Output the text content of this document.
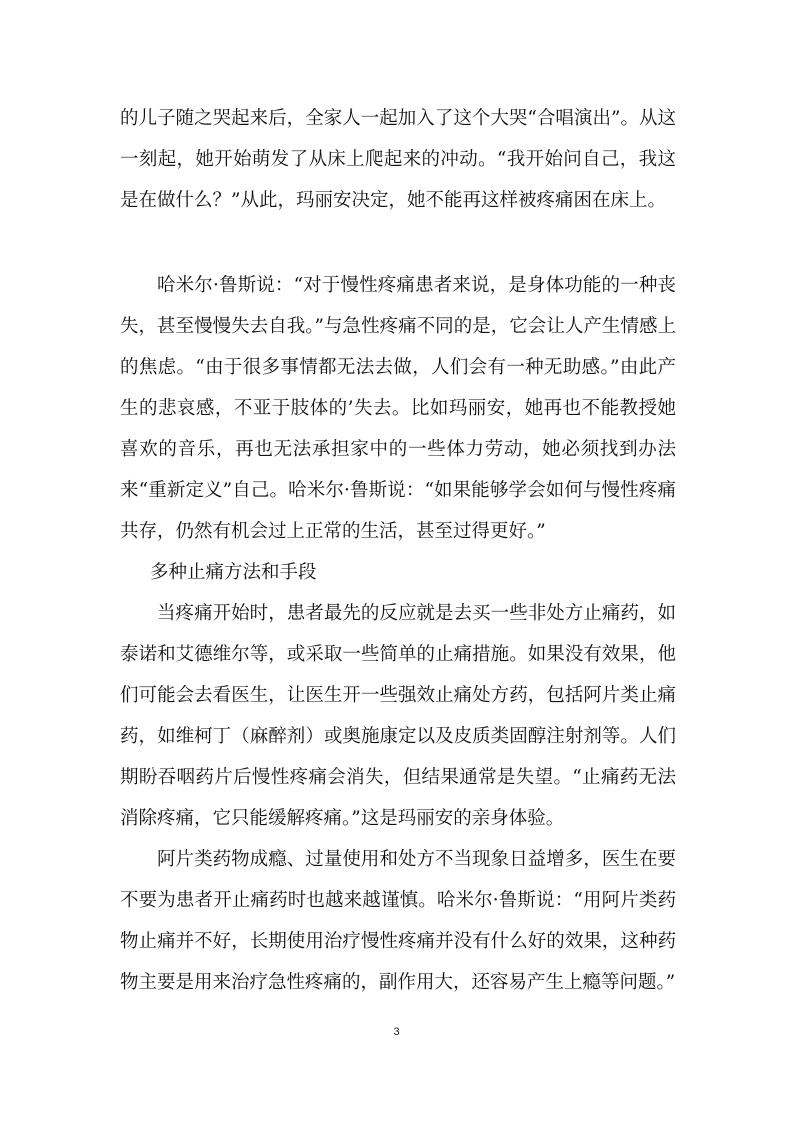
的儿子随之哭起来后，全家人一起加入了这个大哭“合唱演出”。从这一刻起，她开始萌发了从床上爬起来的冲动。“我开始问自己，我这是在做什么？”从此，玛丽安决定，她不能再这样被疼痛困在床上。

哈米尔·鲁斯说：“对于慢性疼痛患者来说，是身体功能的一种丧失，甚至慢慢失去自我。”与急性疼痛不同的是，它会让人产生情感上的焦虑。“由于很多事情都无法去做，人们会有一种无助感。”由此产生的悲哀感，不亚于肢体的’失去。比如玛丽安，她再也不能教授她喜欢的音乐，再也无法承担家中的一些体力劳动，她必须找到办法来“重新定义”自己。哈米尔·鲁斯说：“如果能够学会如何与慢性疼痛共存，仍然有机会过上正常的生活，甚至过得更好。”

多种止痛方法和手段

当疼痛开始时，患者最先的反应就是去买一些非处方止痛药，如泰诺和艾德维尔等，或采取一些简单的止痛措施。如果没有效果，他们可能会去看医生，让医生开一些强效止痛处方药，包括阿片类止痛药，如维柯丁（麻醉剂）或奥施康定以及皮质类固醇注射剂等。人们期盼吞咽药片后慢性疼痛会消失，但结果通常是失望。“止痛药无法消除疼痛，它只能缓解疼痛。”这是玛丽安的亲身体验。

阿片类药物成瘾、过量使用和处方不当现象日益增多，医生在要不要为患者开止痛药时也越来越谨慎。哈米尔·鲁斯说：“用阿片类药物止痛并不好，长期使用治疗慢性疼痛并没有什么好的效果，这种药物主要是用来治疗急性疼痛的，副作用大，还容易产生上瘾等问题。”

3
